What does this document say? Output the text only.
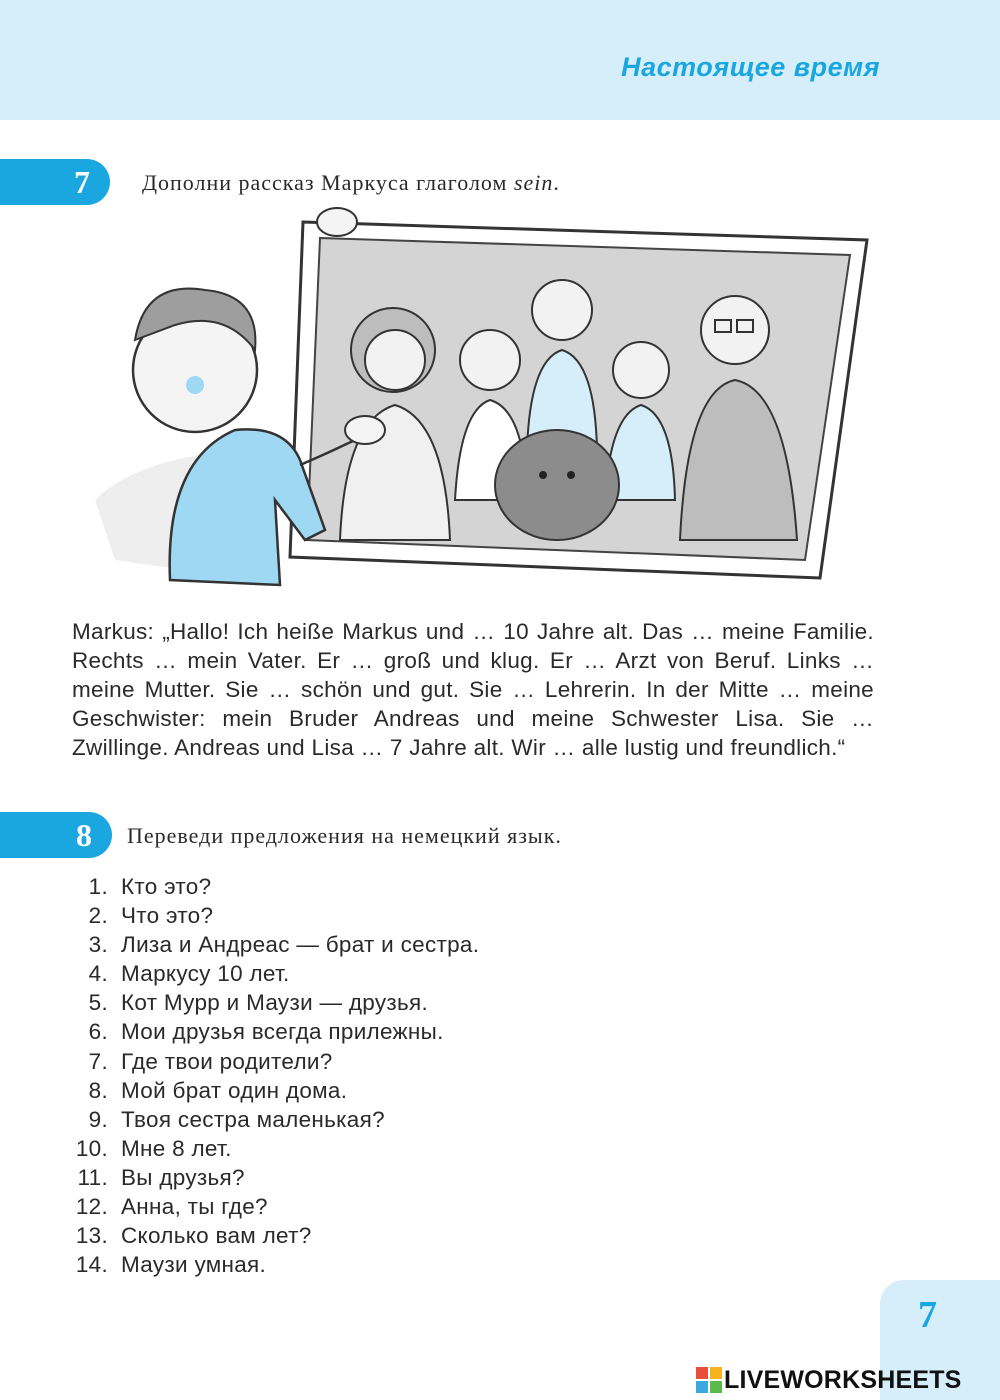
Настоящее время
7	Дополни рассказ Маркуса глаголом sein.

Markus: „Hallo! Ich heiße Markus und … 10 Jahre alt. Das … meine Familie. Rechts … mein Vater. Er … groß und klug. Er … Arzt von Beruf. Links … meine Mutter. Sie … schön und gut. Sie … Lehrerin. In der Mitte … meine Geschwister: mein Bruder Andreas und meine Schwester Lisa. Sie … Zwillinge. Andreas und Lisa … 7 Jahre alt. Wir … alle lustig und freundlich.“

8	Переведи предложения на немецкий язык.
1. Кто это?
2. Что это?
3. Лиза и Андреас — брат и сестра.
4. Маркусу 10 лет.
5. Кот Мурр и Маузи — друзья.
6. Мои друзья всегда прилежны.
7. Где твои родители?
8. Мой брат один дома.
9. Твоя сестра маленькая?
10. Мне 8 лет.
11. Вы друзья?
12. Анна, ты где?
13. Сколько вам лет?
14. Маузи умная.
7
LIVEWORKSHEETS
